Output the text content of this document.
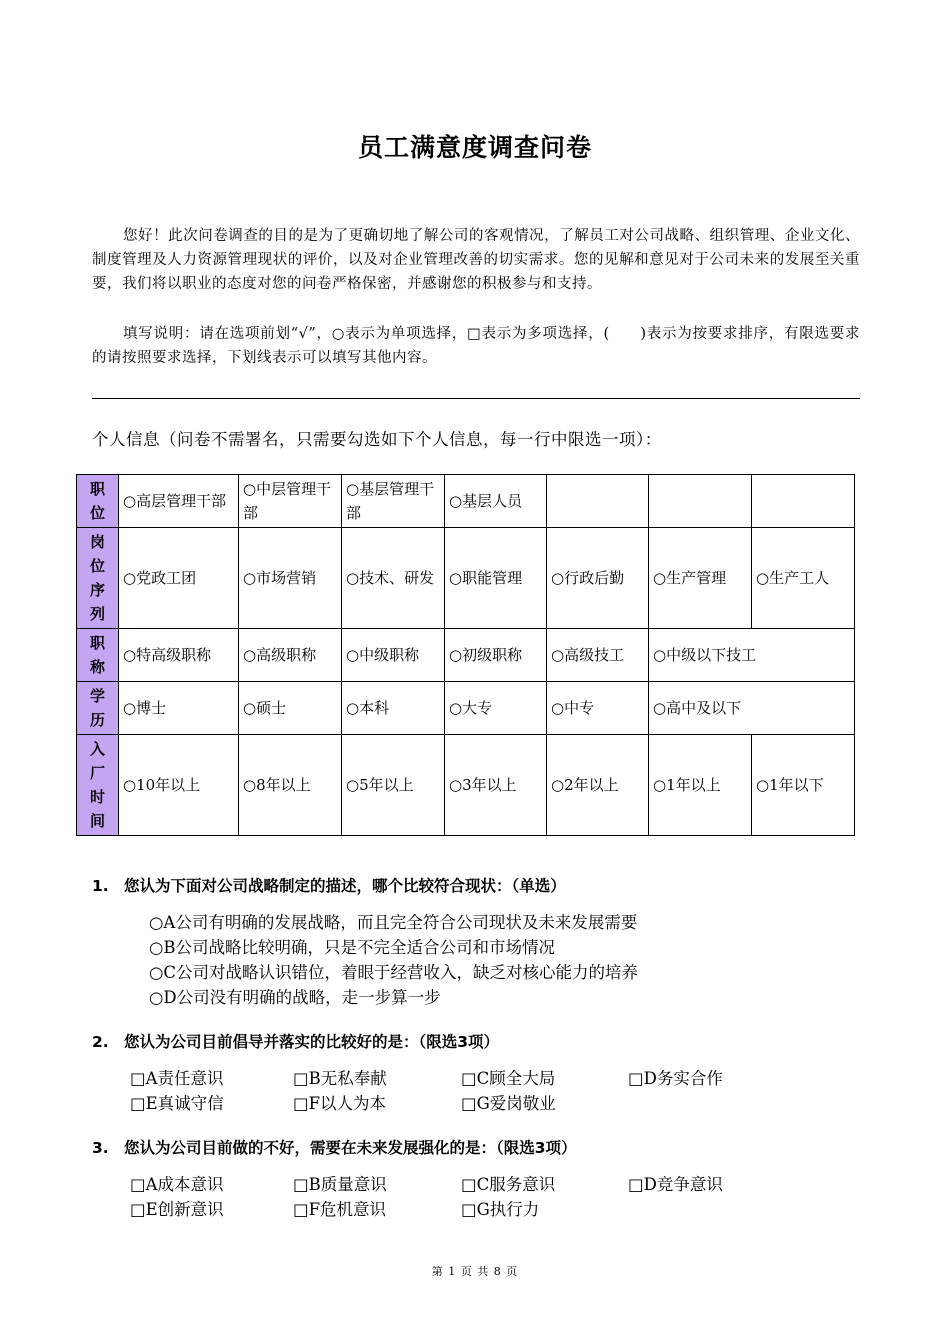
员工满意度调查问卷

您好！此次问卷调查的目的是为了更确切地了解公司的客观情况，了解员工对公司战略、组织管理、企业文化、制度管理及人力资源管理现状的评价，以及对企业管理改善的切实需求。您的见解和意见对于公司未来的发展至关重要，我们将以职业的态度对您的问卷严格保密，并感谢您的积极参与和支持。

填写说明：请在选项前划“√”，○表示为单项选择，□表示为多项选择，(　　)表示为按要求排序，有限选要求的请按照要求选择，下划线表示可以填写其他内容。

个人信息（问卷不需署名，只需要勾选如下个人信息，每一行中限选一项）：
职
位	○高层管理干部	○中层管理干部	○基层管理干部	○基层人员			
岗
位
序
列	○党政工团	○市场营销	○技术、研发	○职能管理	○行政后勤	○生产管理	○生产工人
职
称	○特高级职称	○高级职称	○中级职称	○初级职称	○高级技工	○中级以下技工	
学
历	○博士	○硕士	○本科	○大专	○中专	○高中及以下	
入
厂
时
间	○10年以上	○8年以上	○5年以上	○3年以上	○2年以上	○1年以上	○1年以下
1. 您认为下面对公司战略制定的描述，哪个比较符合现状：（单选）
○A公司有明确的发展战略，而且完全符合公司现状及未来发展需要
○B公司战略比较明确，只是不完全适合公司和市场情况
○C公司对战略认识错位，着眼于经营收入，缺乏对核心能力的培养
○D公司没有明确的战略，走一步算一步
2. 您认为公司目前倡导并落实的比较好的是：（限选3项）
□A责任意识	□B无私奉献	□C顾全大局	□D务实合作
□E真诚守信	□F以人为本	□G爱岗敬业
3. 您认为公司目前做的不好，需要在未来发展强化的是：（限选3项）
□A成本意识	□B质量意识	□C服务意识	□D竞争意识
□E创新意识	□F危机意识	□G执行力
第 1 页 共 8 页
